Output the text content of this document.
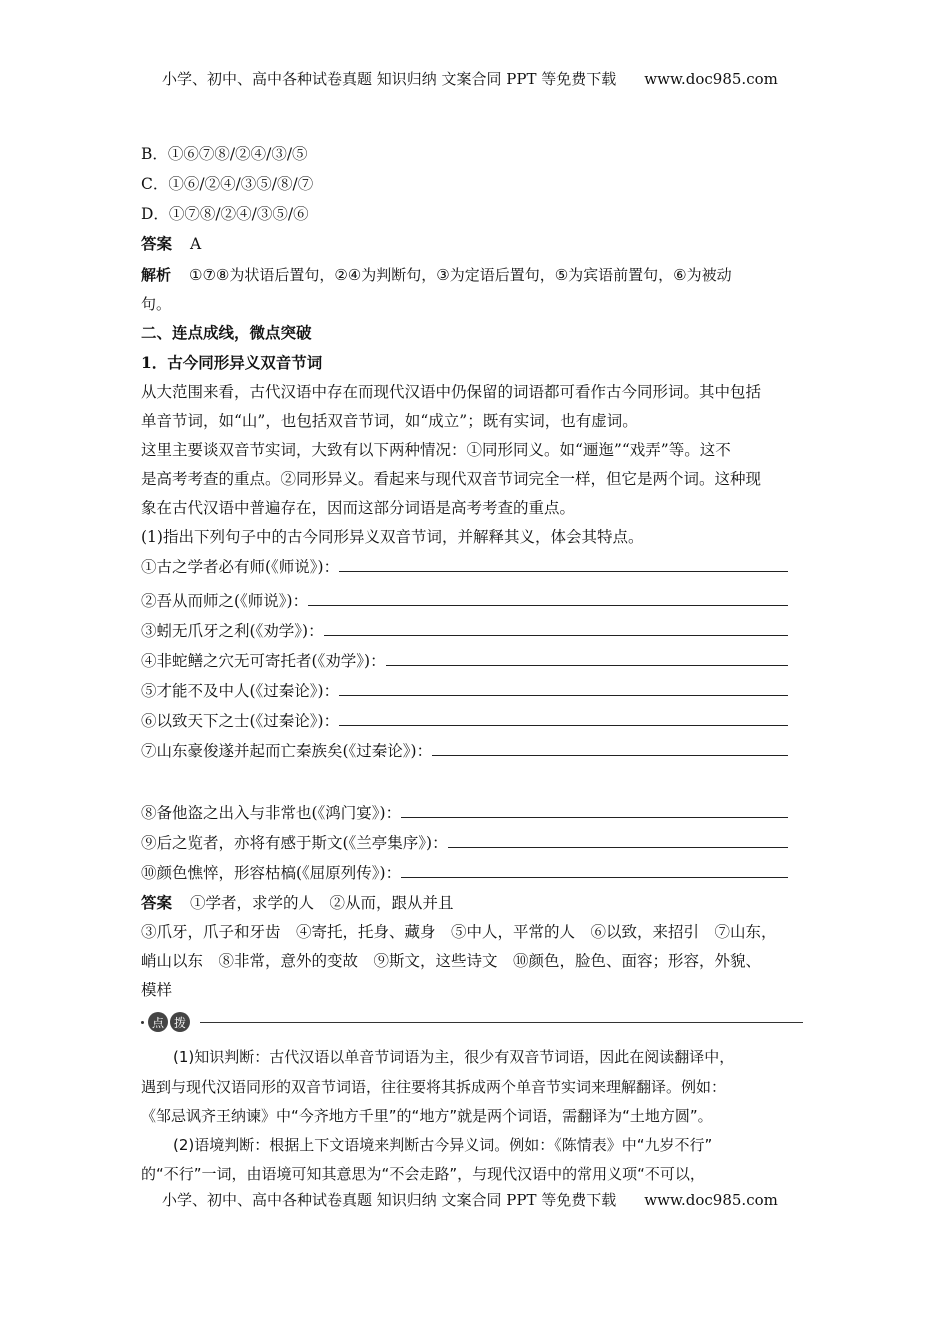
小学、初中、高中各种试卷真题 知识归纳 文案合同 PPT 等免费下载 www.doc985.com
B．①⑥⑦⑧/②④/③/⑤
C．①⑥/②④/③⑤/⑧/⑦
D．①⑦⑧/②④/③⑤/⑥
答案 A
解析 ①⑦⑧为状语后置句，②④为判断句，③为定语后置句，⑤为宾语前置句，⑥为被动
句。
二、连点成线，微点突破
1．古今同形异义双音节词
从大范围来看，古代汉语中存在而现代汉语中仍保留的词语都可看作古今同形词。其中包括
单音节词，如“山”，也包括双音节词，如“成立”；既有实词，也有虚词。
这里主要谈双音节实词，大致有以下两种情况：①同形同义。如“逦迤”“戏弄”等。这不
是高考考查的重点。②同形异义。看起来与现代双音节词完全一样，但它是两个词。这种现
象在古代汉语中普遍存在，因而这部分词语是高考考查的重点。
(1)指出下列句子中的古今同形异义双音节词，并解释其义，体会其特点。
①古之学者必有师(《师说》)：
②吾从而师之(《师说》)：
③蚓无爪牙之利(《劝学》)：
④非蛇鳝之穴无可寄托者(《劝学》)：
⑤才能不及中人(《过秦论》)：
⑥以致天下之士(《过秦论》)：
⑦山东豪俊遂并起而亡秦族矣(《过秦论》)：
⑧备他盗之出入与非常也(《鸿门宴》)：
⑨后之览者，亦将有感于斯文(《兰亭集序》)：
⑩颜色憔悴，形容枯槁(《屈原列传》)：
答案 ①学者，求学的人　②从而，跟从并且
③爪牙，爪子和牙齿　④寄托，托身、藏身　⑤中人，平常的人　⑥以致，来招引　⑦山东，
峭山以东　⑧非常，意外的变故　⑨斯文，这些诗文　⑩颜色，脸色、面容；形容，外貌、
模样
点 拨
(1)知识判断：古代汉语以单音节词语为主，很少有双音节词语，因此在阅读翻译中，
遇到与现代汉语同形的双音节词语，往往要将其拆成两个单音节实词来理解翻译。例如：
《邹忌讽齐王纳谏》中“今齐地方千里”的“地方”就是两个词语，需翻译为“土地方圆”。
(2)语境判断：根据上下文语境来判断古今异义词。例如：《陈情表》中“九岁不行”
的“不行”一词，由语境可知其意思为“不会走路”，与现代汉语中的常用义项“不可以，
小学、初中、高中各种试卷真题 知识归纳 文案合同 PPT 等免费下载 www.doc985.com
